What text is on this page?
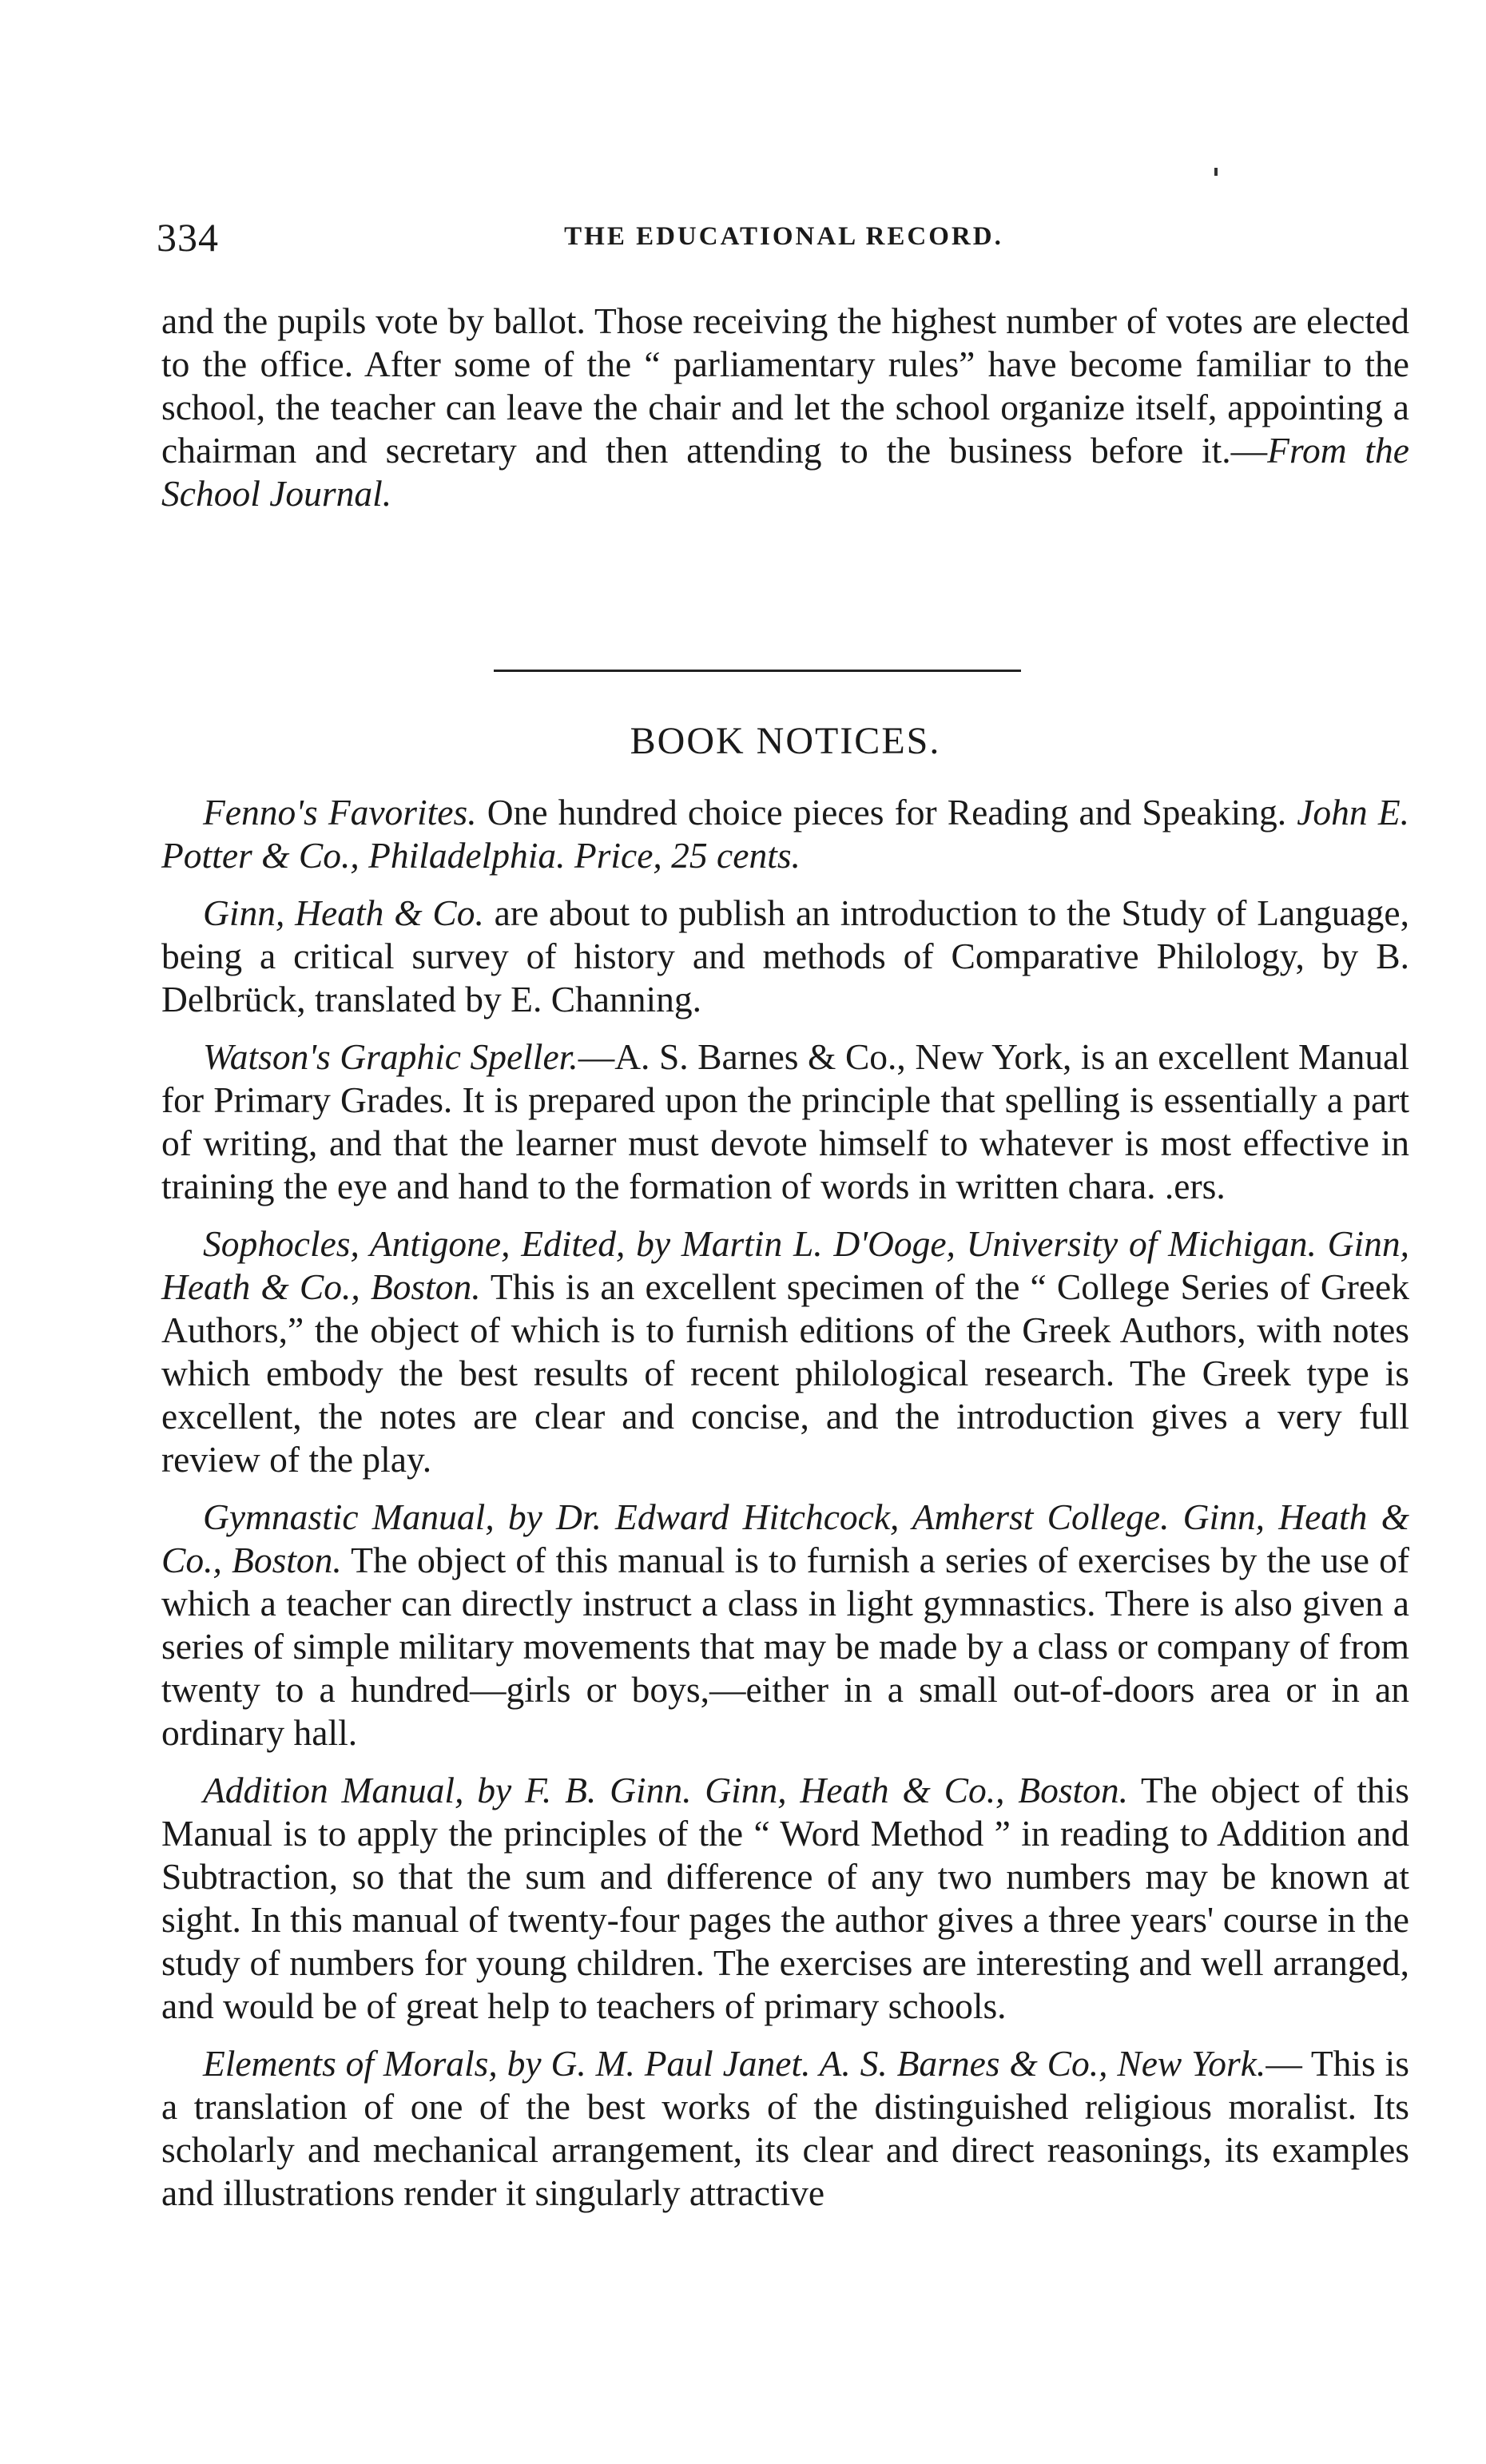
334	THE EDUCATIONAL RECORD.

and the pupils vote by ballot. Those receiving the highest number of votes are elected to the office. After some of the “ parliamentary rules” have become familiar to the school, the teacher can leave the chair and let the school organize itself, appointing a chairman and secretary and then attending to the business before it.—From the School Journal.

BOOK NOTICES.

Fenno's Favorites. One hundred choice pieces for Reading and Speaking. John E. Potter & Co., Philadelphia. Price, 25 cents.

Ginn, Heath & Co. are about to publish an introduction to the Study of Language, being a critical survey of history and methods of Comparative Philology, by B. Delbrück, translated by E. Channing.

Watson's Graphic Speller.—A. S. Barnes & Co., New York, is an excellent Manual for Primary Grades. It is prepared upon the principle that spelling is essentially a part of writing, and that the learner must devote himself to whatever is most effective in training the eye and hand to the formation of words in written chara. .ers.

Sophocles, Antigone, Edited, by Martin L. D'Ooge, University of Michigan. Ginn, Heath & Co., Boston. This is an excellent specimen of the “ College Series of Greek Authors,” the object of which is to furnish editions of the Greek Authors, with notes which embody the best results of recent philological research. The Greek type is excellent, the notes are clear and concise, and the introduction gives a very full review of the play.

Gymnastic Manual, by Dr. Edward Hitchcock, Amherst College. Ginn, Heath & Co., Boston. The object of this manual is to furnish a series of exercises by the use of which a teacher can directly instruct a class in light gymnastics. There is also given a series of simple military movements that may be made by a class or company of from twenty to a hundred—girls or boys,—either in a small out-of-doors area or in an ordinary hall.

Addition Manual, by F. B. Ginn. Ginn, Heath & Co., Boston. The object of this Manual is to apply the principles of the “ Word Method ” in reading to Addition and Subtraction, so that the sum and difference of any two numbers may be known at sight. In this manual of twenty-four pages the author gives a three years' course in the study of numbers for young children. The exercises are interesting and well arranged, and would be of great help to teachers of primary schools.

Elements of Morals, by G. M. Paul Janet. A. S. Barnes & Co., New York.— This is a translation of one of the best works of the distinguished religious moralist. Its scholarly and mechanical arrangement, its clear and direct reasonings, its examples and illustrations render it singularly attractive
